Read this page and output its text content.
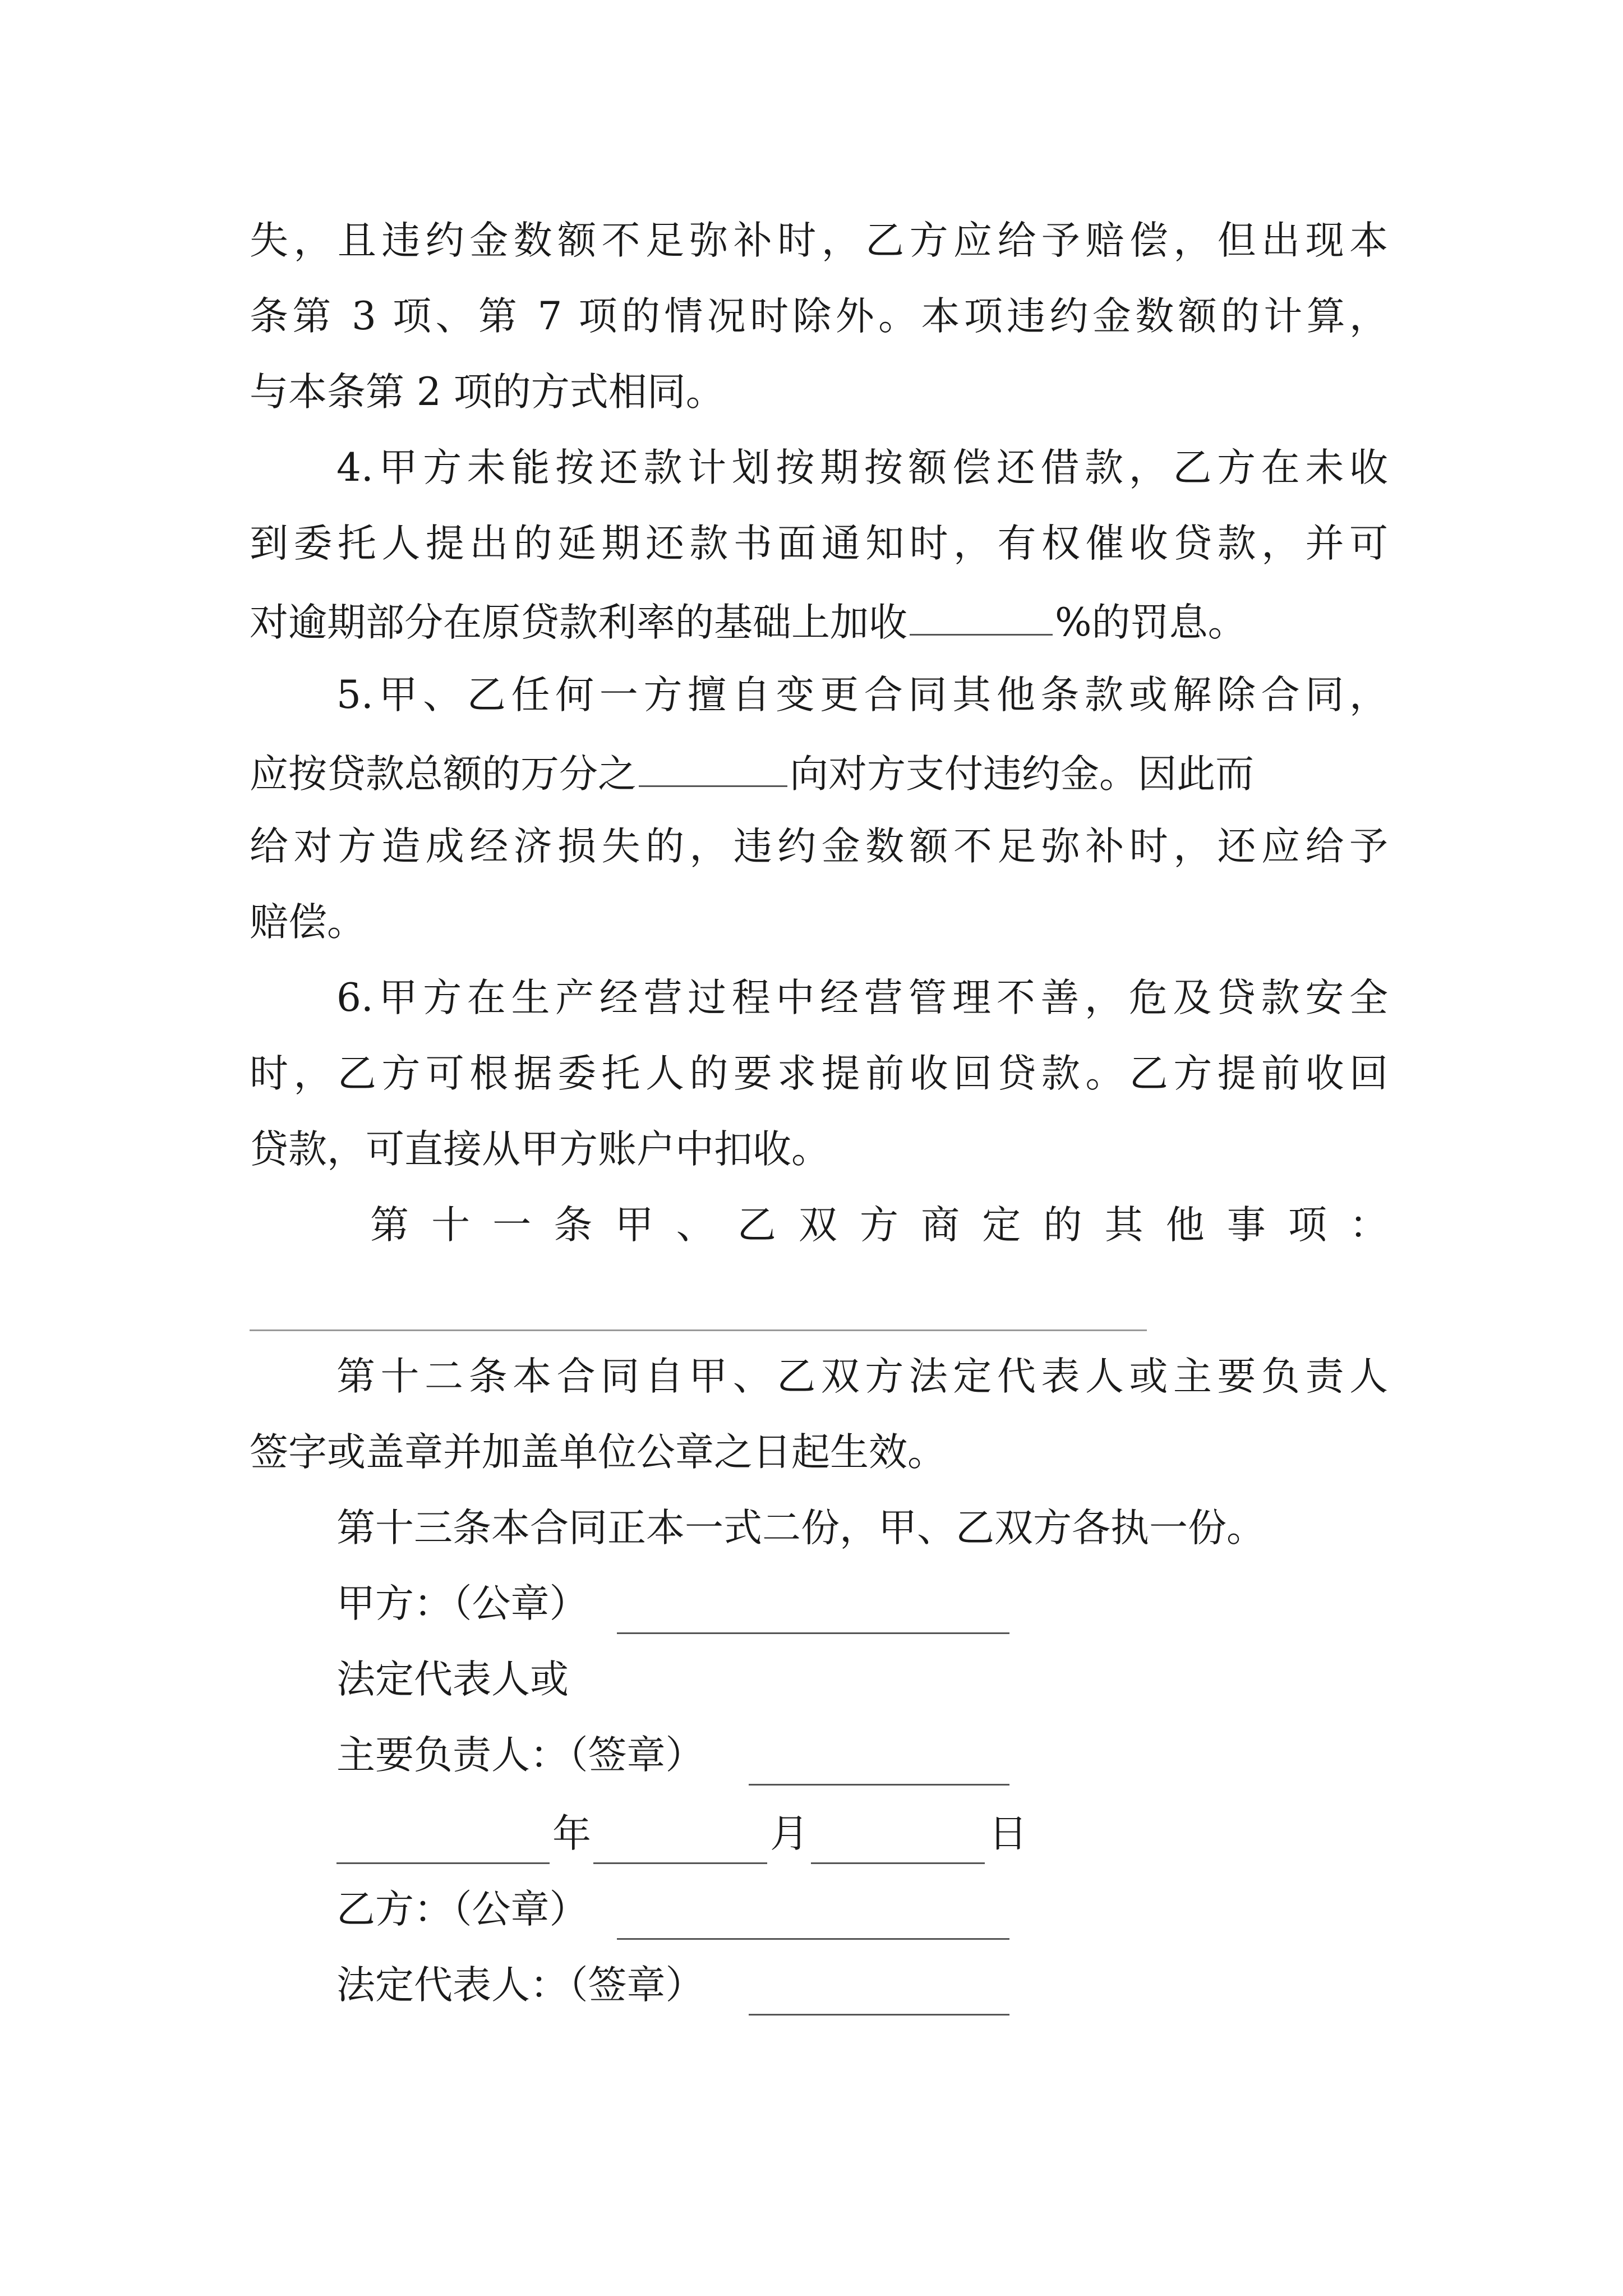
失，且违约金数额不足弥补时，乙方应给予赔偿，但出现本
条第 3 项、第 7 项的情况时除外。本项违约金数额的计算，
与本条第 2 项的方式相同。
4.甲方未能按还款计划按期按额偿还借款，乙方在未收
到委托人提出的延期还款书面通知时，有权催收贷款，并可
对逾期部分在原贷款利率的基础上加收	%的罚息。
5.甲、乙任何一方擅自变更合同其他条款或解除合同，
应按贷款总额的万分之	向对方支付违约金。因此而
给对方造成经济损失的，违约金数额不足弥补时，还应给予
赔偿。
6.甲方在生产经营过程中经营管理不善，危及贷款安全
时，乙方可根据委托人的要求提前收回贷款。乙方提前收回
贷款，可直接从甲方账户中扣收。
第十一条甲、乙双方商定的其他事项：
第十二条本合同自甲、乙双方法定代表人或主要负责人
签字或盖章并加盖单位公章之日起生效。
第十三条本合同正本一式二份，甲、乙双方各执一份。
甲方：（公章）
法定代表人或
主要负责人：（签章）
年	月	日
乙方：（公章）
法定代表人：（签章）
